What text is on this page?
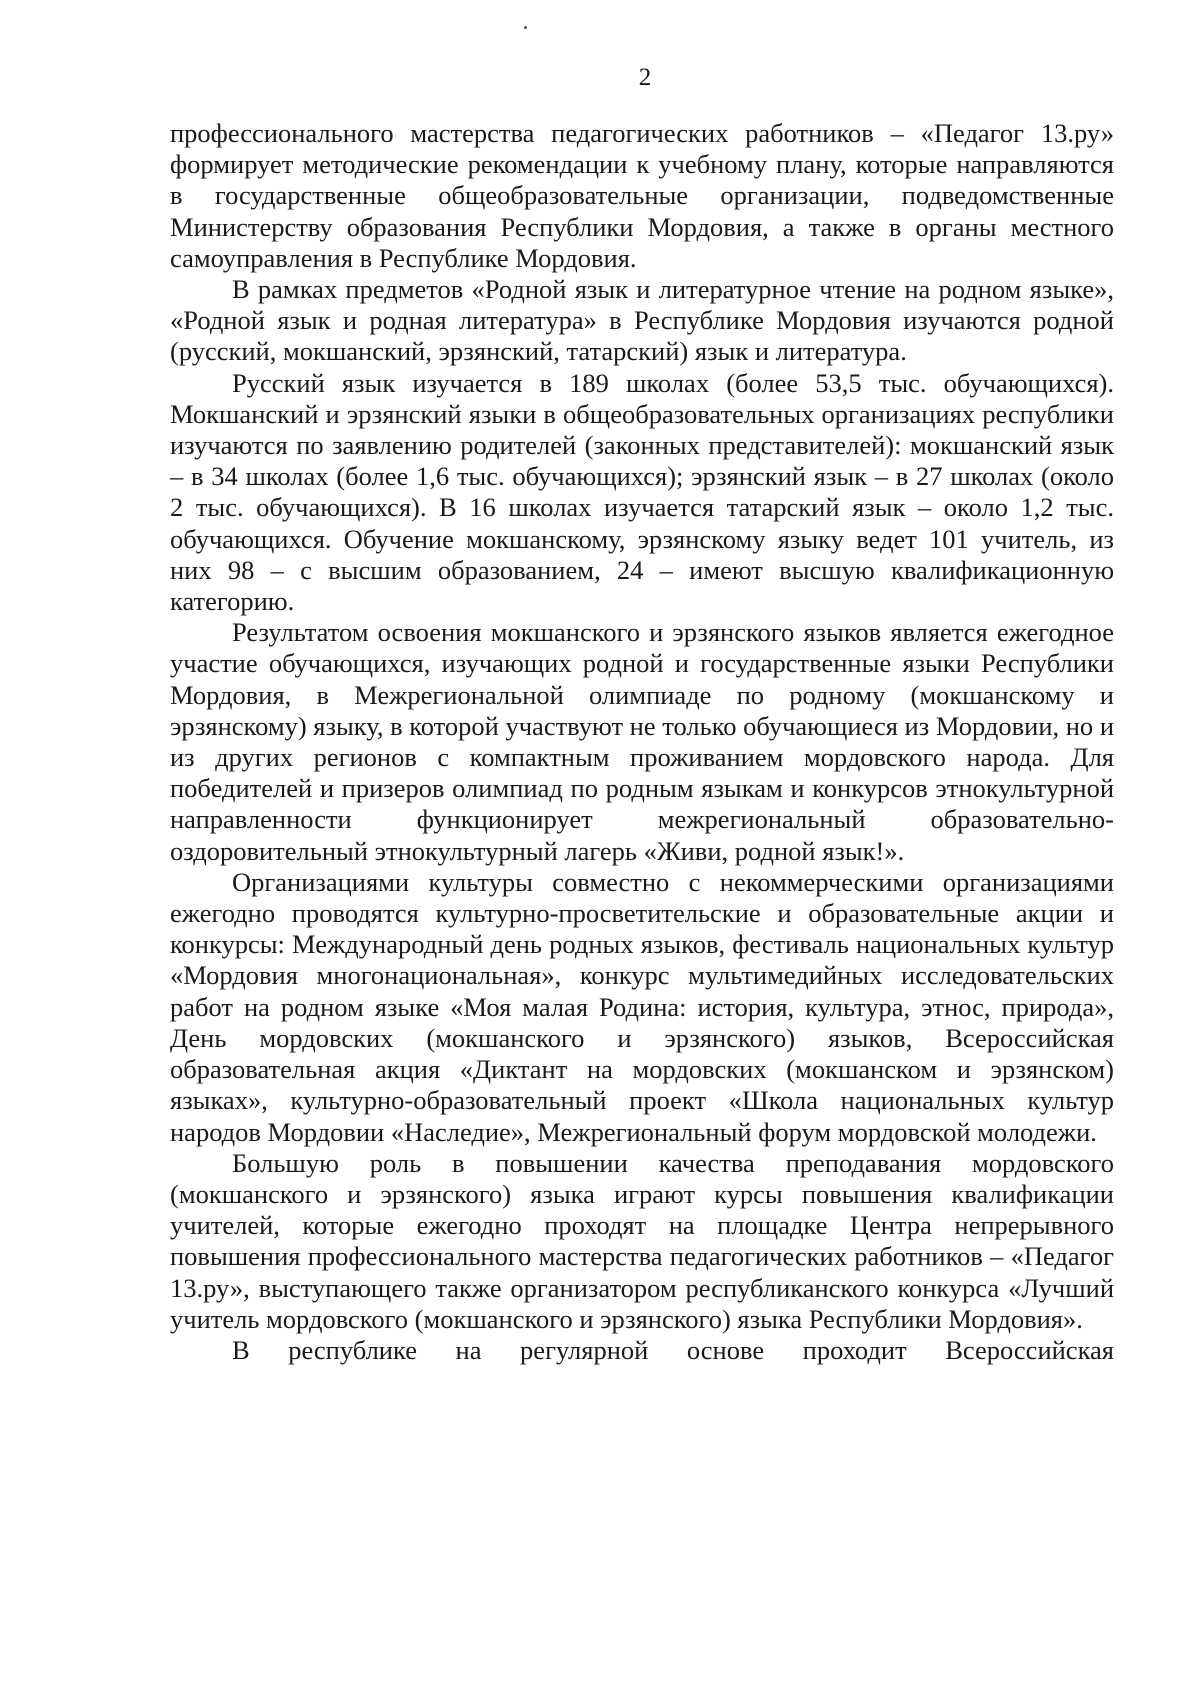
2

профессионального мастерства педагогических работников – «Педагог 13.ру» формирует методические рекомендации к учебному плану, которые направляются в государственные общеобразовательные организации, подведомственные Министерству образования Республики Мордовия, а также в органы местного самоуправления в Республике Мордовия.

В рамках предметов «Родной язык и литературное чтение на родном языке», «Родной язык и родная литература» в Республике Мордовия изучаются родной (русский, мокшанский, эрзянский, татарский) язык и литература.

Русский язык изучается в 189 школах (более 53,5 тыс. обучающихся). Мокшанский и эрзянский языки в общеобразовательных организациях республики изучаются по заявлению родителей (законных представителей): мокшанский язык – в 34 школах (более 1,6 тыс. обучающихся); эрзянский язык – в 27 школах (около 2 тыс. обучающихся). В 16 школах изучается татарский язык – около 1,2 тыс. обучающихся. Обучение мокшанскому, эрзянскому языку ведет 101 учитель, из них 98 – с высшим образованием, 24 – имеют высшую квалификационную категорию.

Результатом освоения мокшанского и эрзянского языков является ежегодное участие обучающихся, изучающих родной и государственные языки Республики Мордовия, в Межрегиональной олимпиаде по родному (мокшанскому и эрзянскому) языку, в которой участвуют не только обучающиеся из Мордовии, но и из других регионов с компактным проживанием мордовского народа. Для победителей и призеров олимпиад по родным языкам и конкурсов этнокультурной направленности функционирует межрегиональный образовательно-оздоровительный этнокультурный лагерь «Живи, родной язык!».

Организациями культуры совместно с некоммерческими организациями ежегодно проводятся культурно-просветительские и образовательные акции и конкурсы: Международный день родных языков, фестиваль национальных культур «Мордовия многонациональная», конкурс мультимедийных исследовательских работ на родном языке «Моя малая Родина: история, культура, этнос, природа», День мордовских (мокшанского и эрзянского) языков, Всероссийская образовательная акция «Диктант на мордовских (мокшанском и эрзянском) языках», культурно-образовательный проект «Школа национальных культур народов Мордовии «Наследие», Межрегиональный форум мордовской молодежи.

Большую роль в повышении качества преподавания мордовского (мокшанского и эрзянского) языка играют курсы повышения квалификации учителей, которые ежегодно проходят на площадке Центра непрерывного повышения профессионального мастерства педагогических работников – «Педагог 13.ру», выступающего также организатором республиканского конкурса «Лучший учитель мордовского (мокшанского и эрзянского) языка Республики Мордовия».

В республике на регулярной основе проходит Всероссийская
